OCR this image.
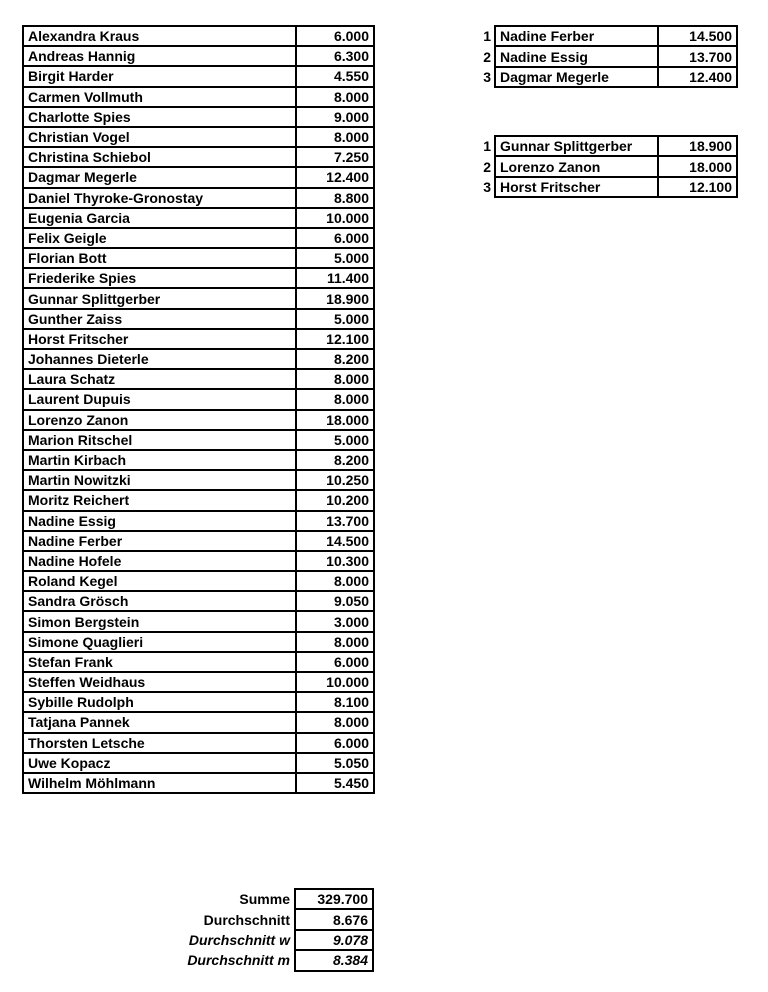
Alexandra Kraus	6.000
Andreas Hannig	6.300
Birgit Harder	4.550
Carmen Vollmuth	8.000
Charlotte Spies	9.000
Christian Vogel	8.000
Christina Schiebol	7.250
Dagmar Megerle	12.400
Daniel Thyroke-Gronostay	8.800
Eugenia Garcia	10.000
Felix Geigle	6.000
Florian Bott	5.000
Friederike Spies	11.400
Gunnar Splittgerber	18.900
Gunther Zaiss	5.000
Horst Fritscher	12.100
Johannes Dieterle	8.200
Laura Schatz	8.000
Laurent Dupuis	8.000
Lorenzo Zanon	18.000
Marion Ritschel	5.000
Martin Kirbach	8.200
Martin Nowitzki	10.250
Moritz Reichert	10.200
Nadine Essig	13.700
Nadine Ferber	14.500
Nadine Hofele	10.300
Roland Kegel	8.000
Sandra Grösch	9.050
Simon Bergstein	3.000
Simone Quaglieri	8.000
Stefan Frank	6.000
Steffen Weidhaus	10.000
Sybille Rudolph	8.100
Tatjana Pannek	8.000
Thorsten Letsche	6.000
Uwe Kopacz	5.050
Wilhelm Möhlmann	5.450
1	Nadine Ferber	14.500
2	Nadine Essig	13.700
3	Dagmar Megerle	12.400
1	Gunnar Splittgerber	18.900
2	Lorenzo Zanon	18.000
3	Horst Fritscher	12.100
Summe	329.700
Durchschnitt	8.676
Durchschnitt w	9.078
Durchschnitt m	8.384
